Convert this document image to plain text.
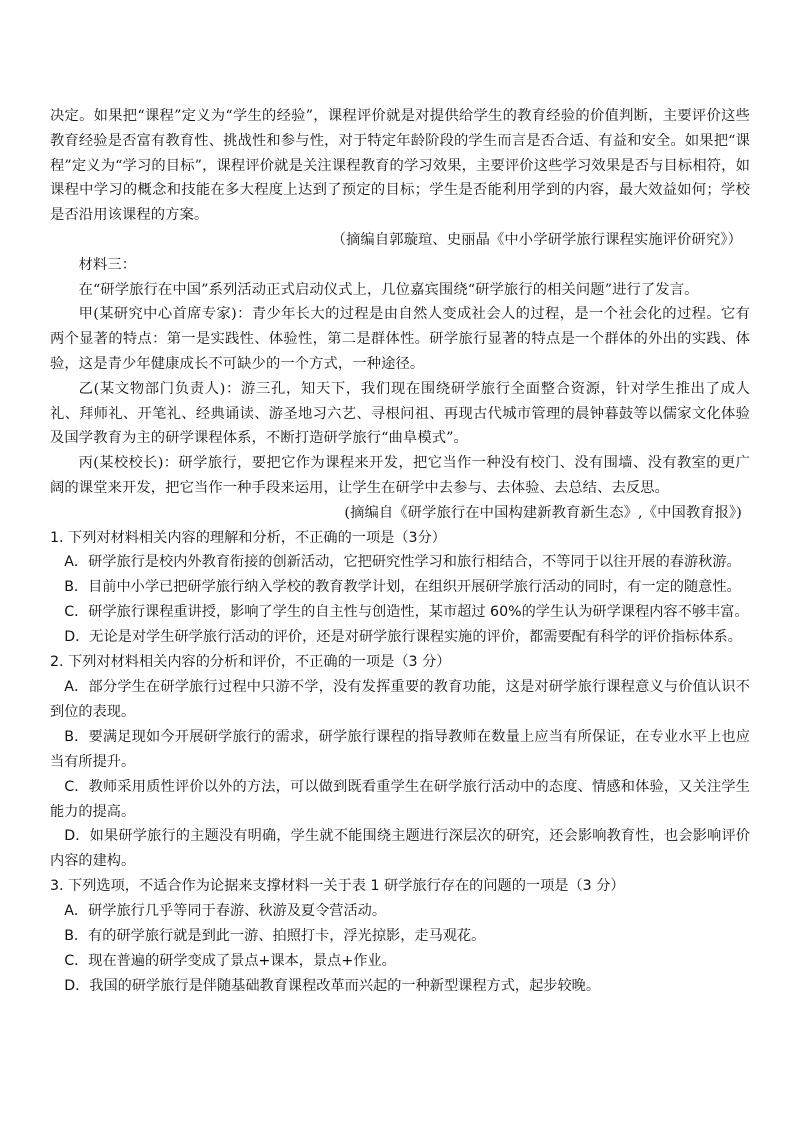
决定。如果把“课程”定义为“学生的经验”，课程评价就是对提供给学生的教育经验的价值判断，主要评价这些教育经验是否富有教育性、挑战性和参与性，对于特定年龄阶段的学生而言是否合适、有益和安全。如果把“课程”定义为“学习的目标”，课程评价就是关注课程教育的学习效果，主要评价这些学习效果是否与目标相符，如课程中学习的概念和技能在多大程度上达到了预定的目标；学生是否能利用学到的内容，最大效益如何；学校是否沿用该课程的方案。

（摘编自郭璇瑄、史丽晶《中小学研学旅行课程实施评价研究》）

材料三：

在“研学旅行在中国”系列活动正式启动仪式上，几位嘉宾围绕“研学旅行的相关问题”进行了发言。

甲(某研究中心首席专家)：青少年长大的过程是由自然人变成社会人的过程，是一个社会化的过程。它有两个显著的特点：第一是实践性、体验性，第二是群体性。研学旅行显著的特点是一个群体的外出的实践、体验，这是青少年健康成长不可缺少的一个方式，一种途径。

乙(某文物部门负责人)：游三孔，知天下，我们现在围绕研学旅行全面整合资源，针对学生推出了成人礼、拜师礼、开笔礼、经典诵读、游圣地习六艺、寻根问祖、再现古代城市管理的晨钟暮鼓等以儒家文化体验及国学教育为主的研学课程体系，不断打造研学旅行“曲阜模式”。

丙(某校校长)：研学旅行，要把它作为课程来开发，把它当作一种没有校门、没有围墙、没有教室的更广阔的课堂来开发，把它当作一种手段来运用，让学生在研学中去参与、去体验、去总结、去反思。

(摘编自《研学旅行在中国构建新教育新生态》,《中国教育报》)

1. 下列对材料相关内容的理解和分析，不正确的一项是（3分）

A．研学旅行是校内外教育衔接的创新活动，它把研究性学习和旅行相结合，不等同于以往开展的春游秋游。

B．目前中小学已把研学旅行纳入学校的教育教学计划，在组织开展研学旅行活动的同时，有一定的随意性。

C．研学旅行课程重讲授，影响了学生的自主性与创造性，某市超过 60%的学生认为研学课程内容不够丰富。

D．无论是对学生研学旅行活动的评价，还是对研学旅行课程实施的评价，都需要配有科学的评价指标体系。

2. 下列对材料相关内容的分析和评价，不正确的一项是（3 分）

A．部分学生在研学旅行过程中只游不学，没有发挥重要的教育功能，这是对研学旅行课程意义与价值认识不到位的表现。

B．要满足现如今开展研学旅行的需求，研学旅行课程的指导教师在数量上应当有所保证，在专业水平上也应当有所提升。

C．教师采用质性评价以外的方法，可以做到既看重学生在研学旅行活动中的态度、情感和体验，又关注学生能力的提高。

D．如果研学旅行的主题没有明确，学生就不能围绕主题进行深层次的研究，还会影响教育性，也会影响评价内容的建构。

3. 下列选项，不适合作为论据来支撑材料一关于表 1 研学旅行存在的问题的一项是（3 分）

A．研学旅行几乎等同于春游、秋游及夏令营活动。

B．有的研学旅行就是到此一游、拍照打卡，浮光掠影，走马观花。

C．现在普遍的研学变成了景点+课本，景点+作业。

D．我国的研学旅行是伴随基础教育课程改革而兴起的一种新型课程方式，起步较晚。
